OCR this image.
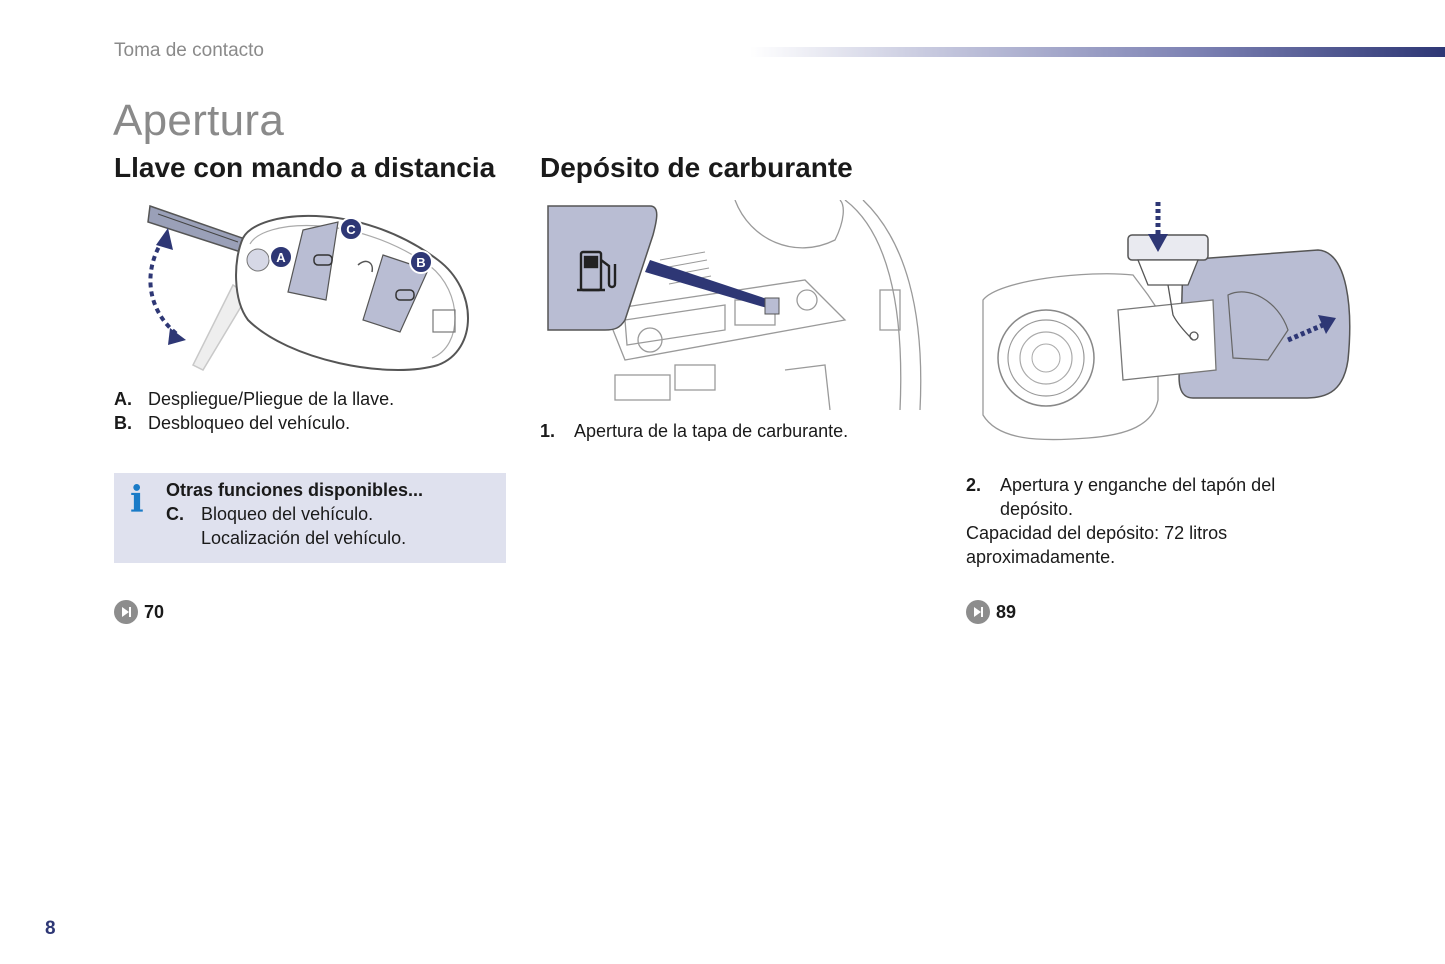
Toma de contacto
Apertura
Llave con mando a distancia Depósito de carburante
A	B
C
A. Despliegue/Pliegue de la llave.
B. Desbloqueo del vehículo.
i Otras funciones disponibles...
C. Bloqueo del vehículo.
Localización del vehículo.
70
1. Apertura de la tapa de carburante.
2. Apertura y enganche del tapón del
depósito.
Capacidad del depósito: 72 litros
aproximadamente.
89
8
